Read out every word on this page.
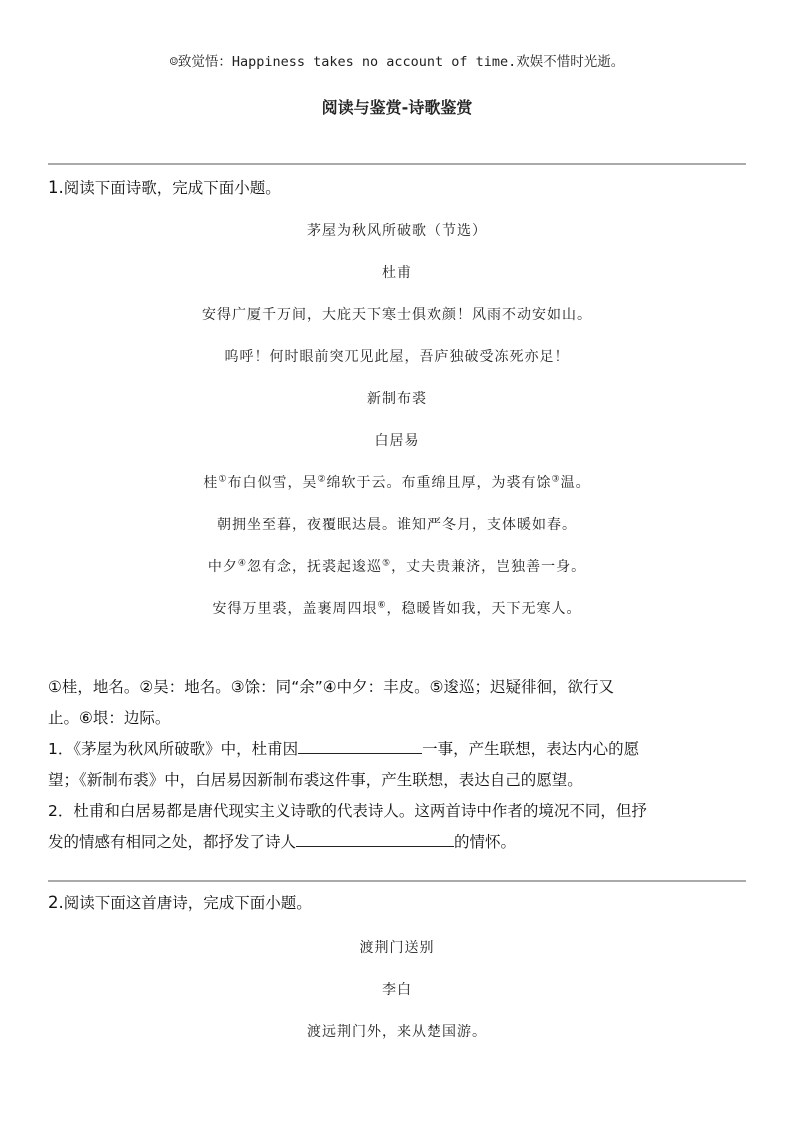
☺致觉悟：Happiness takes no account of time.欢娱不惜时光逝。
阅读与鉴赏-诗歌鉴赏
1.阅读下面诗歌，完成下面小题。
茅屋为秋风所破歌（节选）
杜甫
安得广厦千万间，大庇天下寒士俱欢颜！风雨不动安如山。
呜呼！何时眼前突兀见此屋，吾庐独破受冻死亦足！
新制布裘
白居易
桂①布白似雪，吴②绵软于云。布重绵且厚，为裘有馀③温。
朝拥坐至暮，夜覆眠达晨。谁知严冬月，支体暖如春。
中夕④忽有念，抚裘起逡巡⑤，丈夫贵兼济，岂独善一身。
安得万里裘，盖裹周四垠⑥，稳暖皆如我，天下无寒人。

①桂，地名。②吴：地名。③馀：同“余”④中夕：丰皮。⑤逡巡；迟疑徘徊，欲行又

止。⑥垠：边际。

1．《茅屋为秋风所破歌》中，杜甫因	一事，产生联想，表达内心的愿

望；《新制布裘》中，白居易因新制布裘这件事，产生联想，表达自己的愿望。

2．杜甫和白居易都是唐代现实主义诗歌的代表诗人。这两首诗中作者的境况不同，但抒

发的情感有相同之处，都抒发了诗人	的情怀。

2.阅读下面这首唐诗，完成下面小题。
渡荆门送别
李白
渡远荆门外，来从楚国游。
